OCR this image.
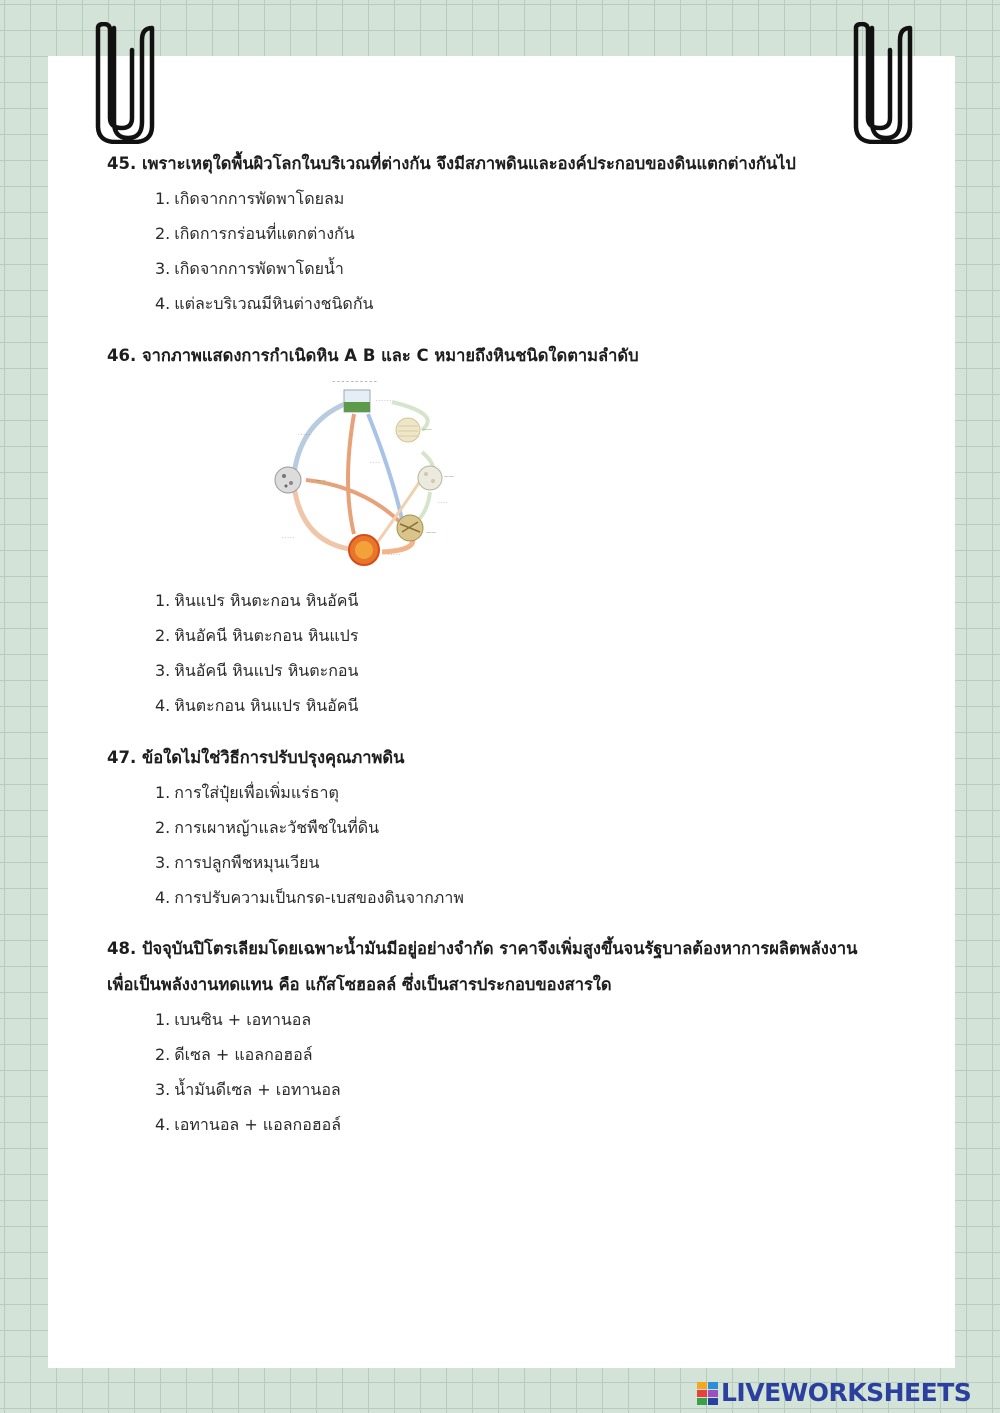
45. เพราะเหตุใดพื้นผิวโลกในบริเวณที่ต่างกัน จึงมีสภาพดินและองค์ประกอบของดินแตกต่างกันไป
1. เกิดจากการพัดพาโดยลม
2. เกิดการกร่อนที่แตกต่างกัน
3. เกิดจากการพัดพาโดยน้ำ
4. แต่ละบริเวณมีหินต่างชนิดกัน
46. จากภาพแสดงการกำเนิดหิน A B และ C หมายถึงหินชนิดใดตามลำดับ
~ ~ ~ ~ ~ ~ ~ ~ ~ ~
——
——
——
——
- - - - - -
- - - - -
- - - -
- - - -
- - - - -
- - - - -
1. หินแปร หินตะกอน หินอัคนี
2. หินอัคนี หินตะกอน หินแปร
3. หินอัคนี หินแปร หินตะกอน
4. หินตะกอน หินแปร หินอัคนี
47. ข้อใดไม่ใช่วิธีการปรับปรุงคุณภาพดิน
1. การใส่ปุ๋ยเพื่อเพิ่มแร่ธาตุ
2. การเผาหญ้าและวัชพืชในที่ดิน
3. การปลูกพืชหมุนเวียน
4. การปรับความเป็นกรด-เบสของดินจากภาพ
48. ปัจจุบันปิโตรเลียมโดยเฉพาะน้ำมันมีอยู่อย่างจำกัด ราคาจึงเพิ่มสูงขึ้นจนรัฐบาลต้องหาการผลิตพลังงาน
เพื่อเป็นพลังงานทดแทน คือ แก๊สโซฮอลล์ ซึ่งเป็นสารประกอบของสารใด
1. เบนซิน + เอทานอล
2. ดีเซล + แอลกอฮอล์
3. น้ำมันดีเซล + เอทานอล
4. เอทานอล + แอลกอฮอล์
LIVEWORKSHEETS
